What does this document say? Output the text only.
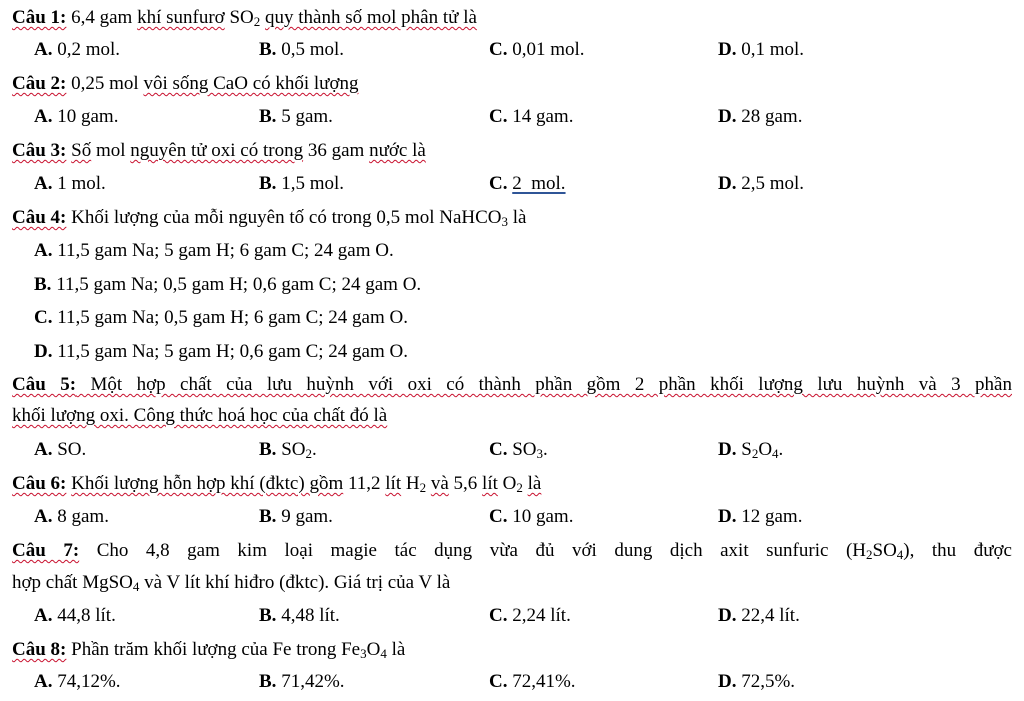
Câu 1: 6,4 gam khí sunfurơ $SO_2$ quy thành số mol phân tử là
A. 0,2 mol.	B. 0,5 mol.	C. 0,01 mol.	D. 0,1 mol.
Câu 2: 0,25 mol vôi sống CaO có khối lượng
A. 10 gam.	B. 5 gam.	C. 14 gam.	D. 28 gam.
Câu 3: Số mol nguyên tử oxi có trong 36 gam nước là
A. 1 mol.	B. 1,5 mol.	C. 2  mol.	D. 2,5 mol.
Câu 4: Khối lượng của mỗi nguyên tố có trong 0,5 mol NaHCO$_3$ là
A. 11,5 gam Na; 5 gam H; 6 gam C; 24 gam O.
B. 11,5 gam Na; 0,5 gam H; 0,6 gam C; 24 gam O.
C. 11,5 gam Na; 0,5 gam H; 6 gam C; 24 gam O.
D. 11,5 gam Na; 5 gam H; 0,6 gam C; 24 gam O.
Câu 5: Một hợp chất của lưu huỳnh với oxi có thành phần gồm 2 phần khối lượng lưu huỳnh và 3 phần
khối lượng oxi. Công thức hoá học của chất đó là
A. SO.	B. $SO_2$.	C. $SO_3$.	D. $S_2O_4$.
Câu 6: Khối lượng hỗn hợp khí (đktc) gồm 11,2 lít $H_2$ và 5,6 lít $O_2$ là
A. 8 gam.	B. 9 gam.	C. 10 gam.	D. 12 gam.
Câu 7: Cho 4,8 gam kim loại magie tác dụng vừa đủ với dung dịch axit sunfuric $(H_2SO_4)$, thu được
hợp chất MgSO$_4$ và V lít khí hiđro (đktc). Giá trị của V là
A. 44,8 lít.	B. 4,48 lít.	C. 2,24 lít.	D. 22,4 lít.
Câu 8: Phần trăm khối lượng của Fe trong $Fe_3O_4$ là
A. 74,12%.	B. 71,42%.	C. 72,41%.	D. 72,5%.
